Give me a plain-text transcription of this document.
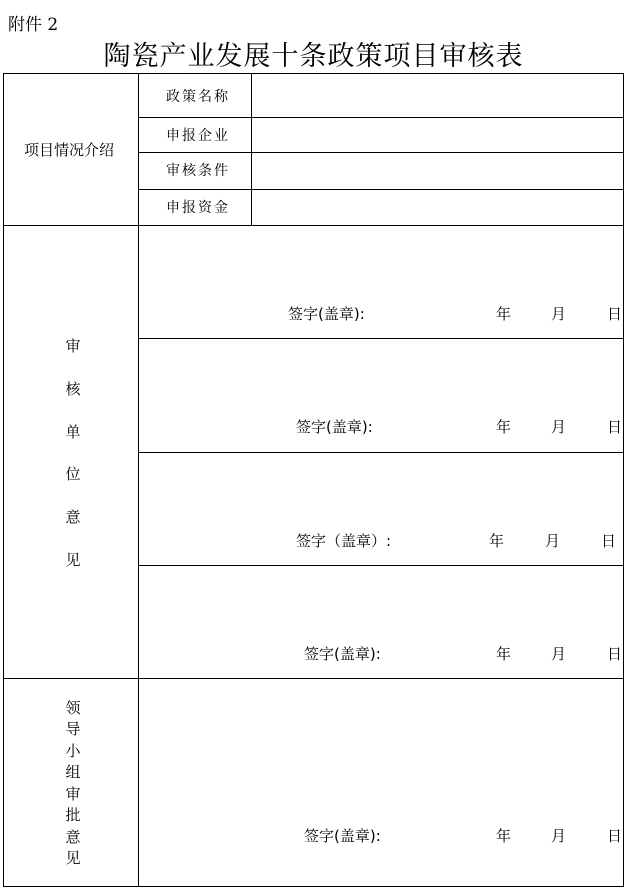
附件 2
陶瓷产业发展十条政策项目审核表
项目情况介绍
政策名称
申报企业
审核条件
申报资金
审
核
单
位
意
见
签字(盖章):	年	月	日
签字(盖章):	年	月	日
签字（盖章）:	年	月	日
签字(盖章):	年	月	日
领
导
小
组
审
批
意
见
签字(盖章):	年	月	日
